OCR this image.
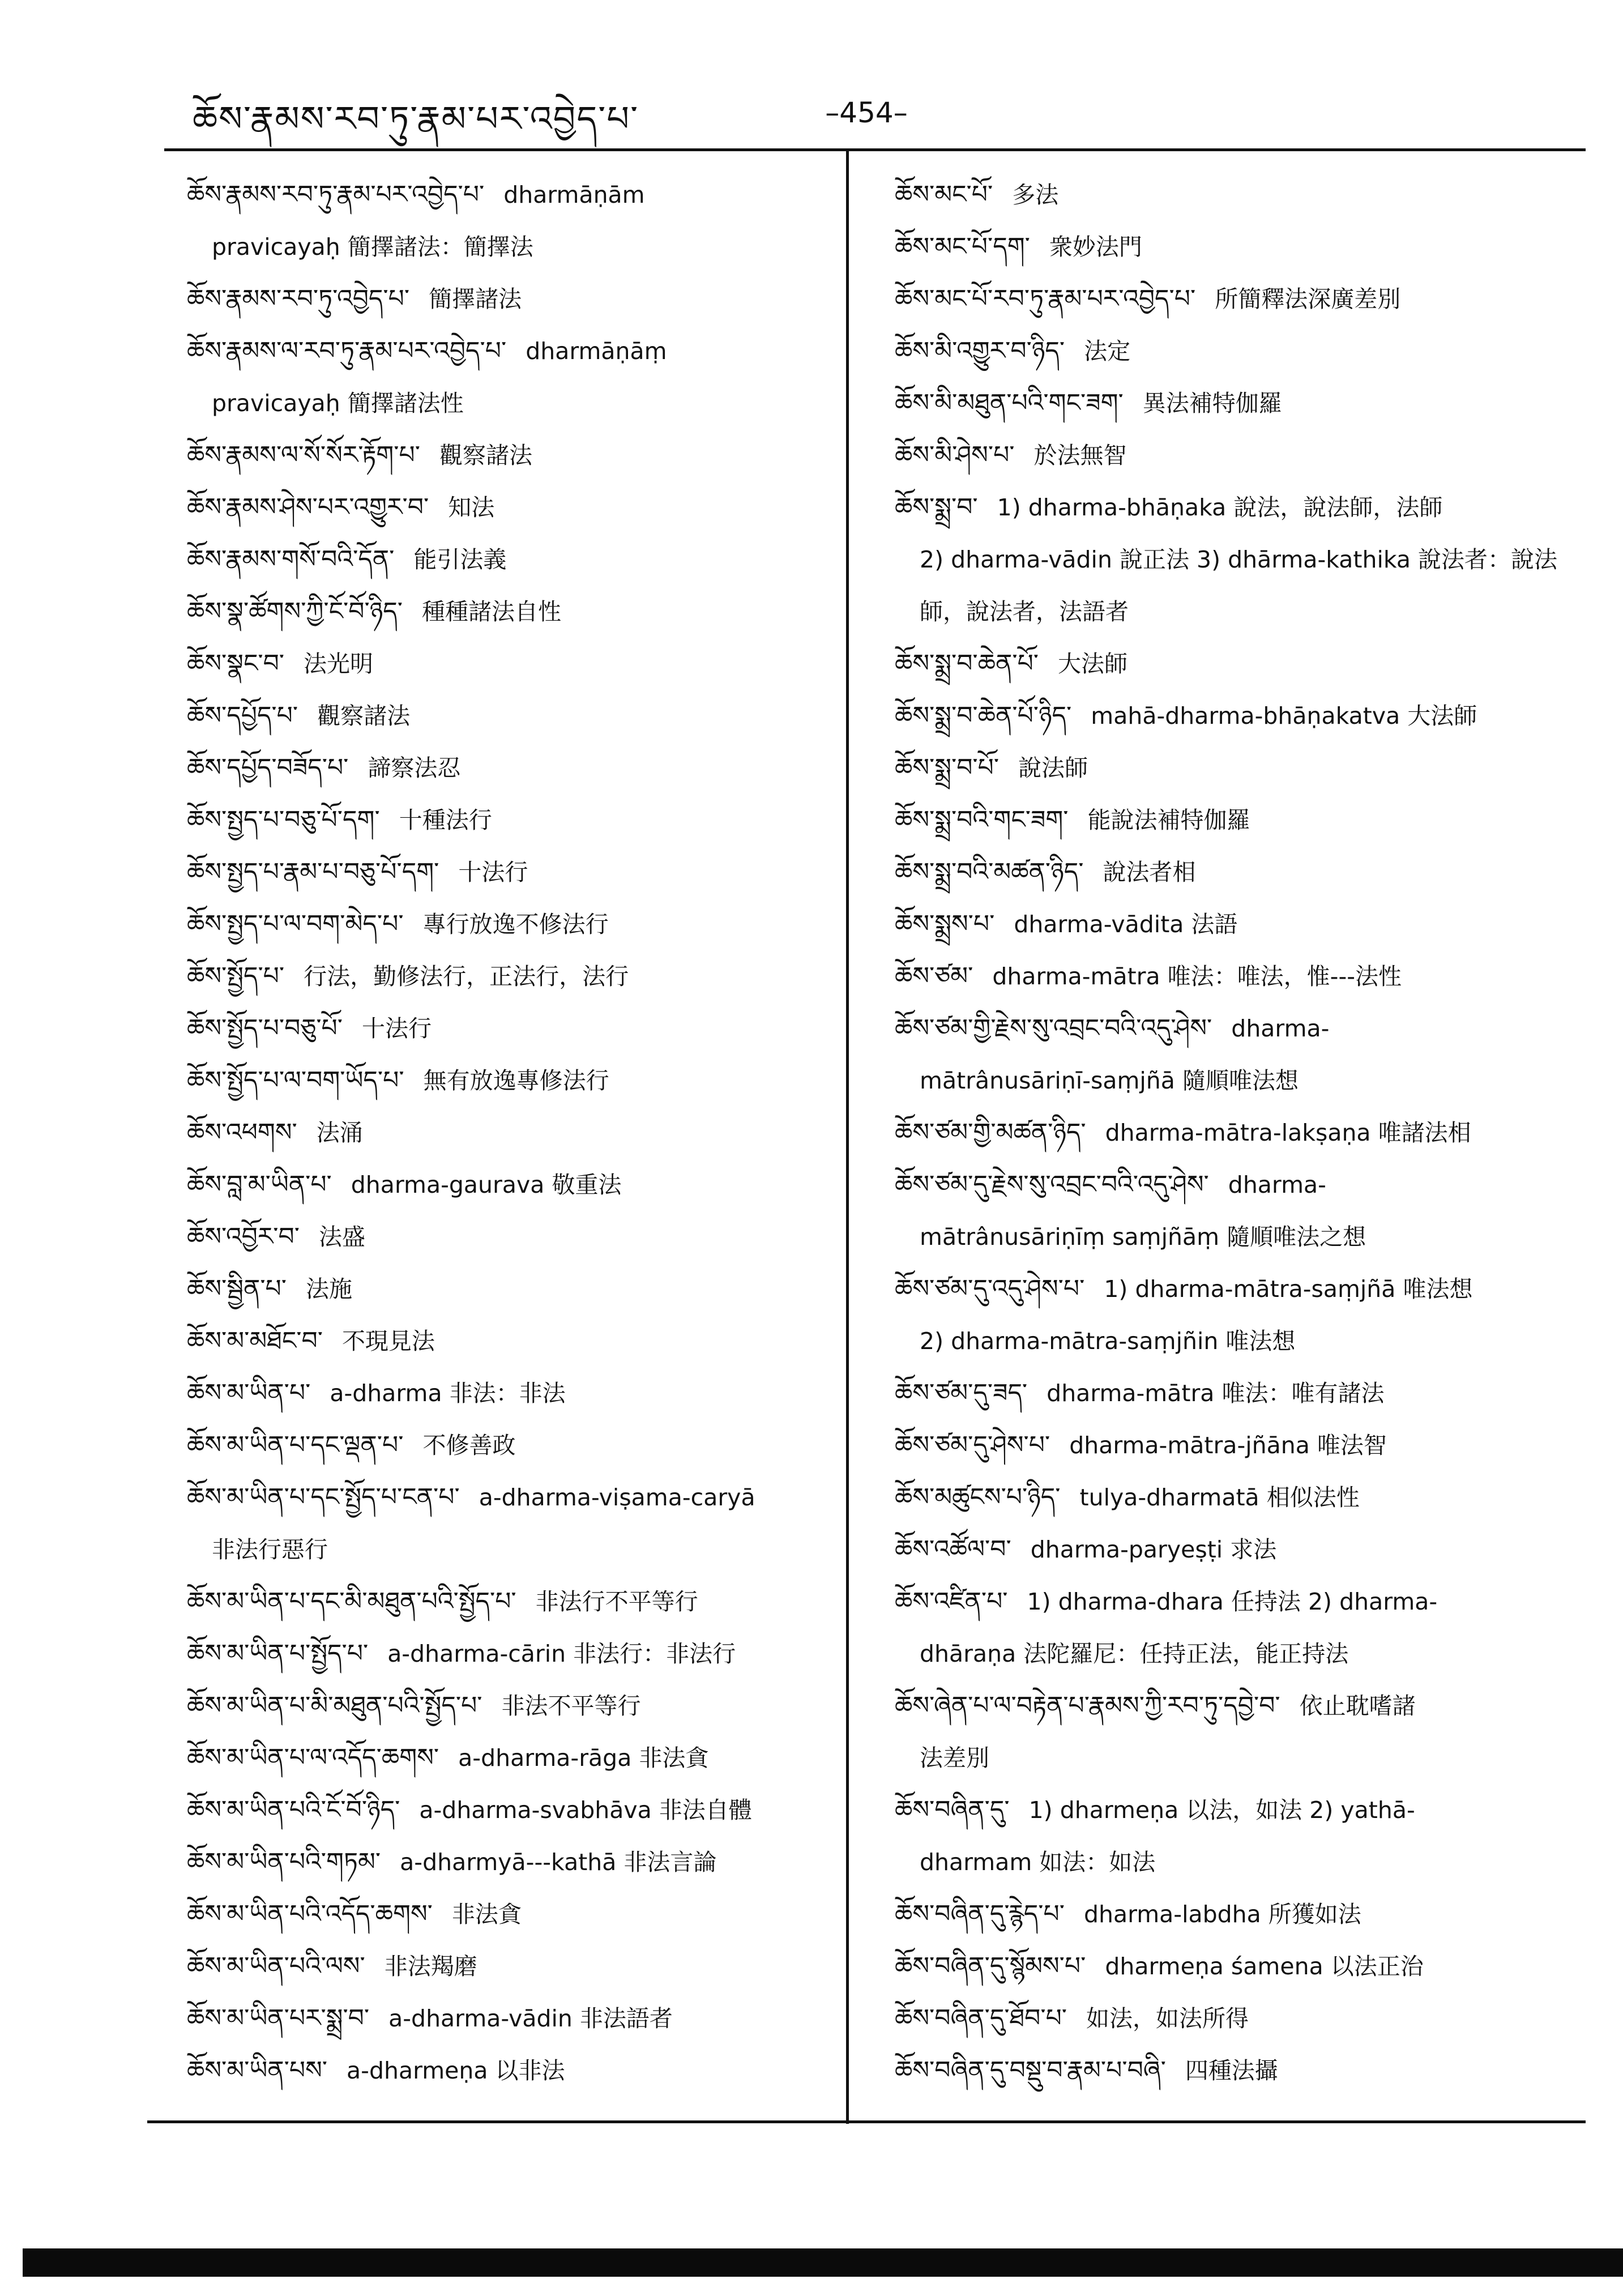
ཆོས་རྣམས་རབ་ཏུ་རྣམ་པར་འབྱེད་པ་	–454–

ཆོས་རྣམས་རབ་ཏུ་རྣམ་པར་འབྱེད་པ་ dharmāṇām
pravicayaḥ 簡擇諸法：簡擇法

ཆོས་རྣམས་རབ་ཏུ་འབྱེད་པ་ 簡擇諸法

ཆོས་རྣམས་ལ་རབ་ཏུ་རྣམ་པར་འབྱེད་པ་ dharmāṇāṃ
pravicayaḥ 簡擇諸法性

ཆོས་རྣམས་ལ་སོ་སོར་རྟོག་པ་ 觀察諸法

ཆོས་རྣམས་ཤེས་པར་འགྱུར་བ་ 知法

ཆོས་རྣམས་གསོ་བའི་དོན་ 能引法義

ཆོས་སྣ་ཚོགས་ཀྱི་ངོ་བོ་ཉིད་ 種種諸法自性

ཆོས་སྣང་བ་ 法光明

ཆོས་དཔྱོད་པ་ 觀察諸法

ཆོས་དཔྱོད་བཟོད་པ་ 諦察法忍

ཆོས་སྤྱད་པ་བཅུ་པོ་དག་ 十種法行

ཆོས་སྤྱད་པ་རྣམ་པ་བཅུ་པོ་དག་ 十法行

ཆོས་སྤྱད་པ་ལ་བག་མེད་པ་ 專行放逸不修法行

ཆོས་སྤྱོད་པ་ 行法，勤修法行，正法行，法行

ཆོས་སྤྱོད་པ་བཅུ་པོ་ 十法行

ཆོས་སྤྱོད་པ་ལ་བག་ཡོད་པ་ 無有放逸專修法行

ཆོས་འཕགས་ 法涌

ཆོས་བླ་མ་ཡིན་པ་ dharma-gaurava 敬重法

ཆོས་འབྱོར་བ་ 法盛

ཆོས་སྦྱིན་པ་ 法施

ཆོས་མ་མཐོང་བ་ 不現見法

ཆོས་མ་ཡིན་པ་ a-dharma 非法：非法

ཆོས་མ་ཡིན་པ་དང་ལྡན་པ་ 不修善政

ཆོས་མ་ཡིན་པ་དང་སྤྱོད་པ་ངན་པ་ a-dharma-viṣama-caryā
非法行惡行

ཆོས་མ་ཡིན་པ་དང་མི་མཐུན་པའི་སྤྱོད་པ་ 非法行不平等行

ཆོས་མ་ཡིན་པ་སྤྱོད་པ་ a-dharma-cārin 非法行：非法行

ཆོས་མ་ཡིན་པ་མི་མཐུན་པའི་སྤྱོད་པ་ 非法不平等行

ཆོས་མ་ཡིན་པ་ལ་འདོད་ཆགས་ a-dharma-rāga 非法貪

ཆོས་མ་ཡིན་པའི་ངོ་བོ་ཉིད་ a-dharma-svabhāva 非法自體

ཆོས་མ་ཡིན་པའི་གཏམ་ a-dharmyā---kathā 非法言論

ཆོས་མ་ཡིན་པའི་འདོད་ཆགས་ 非法貪

ཆོས་མ་ཡིན་པའི་ལས་ 非法羯磨

ཆོས་མ་ཡིན་པར་སྨྲ་བ་ a-dharma-vādin 非法語者

ཆོས་མ་ཡིན་པས་ a-dharmeṇa 以非法

ཆོས་མང་པོ་ 多法

ཆོས་མང་པོ་དག་ 衆妙法門

ཆོས་མང་པོ་རབ་ཏུ་རྣམ་པར་འབྱེད་པ་ 所簡釋法深廣差別

ཆོས་མི་འགྱུར་བ་ཉིད་ 法定

ཆོས་མི་མཐུན་པའི་གང་ཟག་ 異法補特伽羅

ཆོས་མི་ཤེས་པ་ 於法無智

ཆོས་སྨྲ་བ་ 1) dharma-bhāṇaka 說法，說法師，法師
2) dharma-vādin 說正法 3) dhārma-kathika 說法者：說法師，說法者，法語者

ཆོས་སྨྲ་བ་ཆེན་པོ་ 大法師

ཆོས་སྨྲ་བ་ཆེན་པོ་ཉིད་ mahā-dharma-bhāṇakatva 大法師

ཆོས་སྨྲ་བ་པོ་ 說法師

ཆོས་སྨྲ་བའི་གང་ཟག་ 能說法補特伽羅

ཆོས་སྨྲ་བའི་མཚན་ཉིད་ 說法者相

ཆོས་སྨྲས་པ་ dharma-vādita 法語

ཆོས་ཙམ་ dharma-mātra 唯法：唯法，惟---法性

ཆོས་ཙམ་གྱི་རྗེས་སུ་འབྲང་བའི་འདུ་ཤེས་ dharma-
mātrânusāriṇī-saṃjñā 隨順唯法想

ཆོས་ཙམ་གྱི་མཚན་ཉིད་ dharma-mātra-lakṣaṇa 唯諸法相

ཆོས་ཙམ་དུ་རྗེས་སུ་འབྲང་བའི་འདུ་ཤེས་ dharma-
mātrânusāriṇīṃ saṃjñāṃ 隨順唯法之想

ཆོས་ཙམ་དུ་འདུ་ཤེས་པ་ 1) dharma-mātra-saṃjñā 唯法想
2) dharma-mātra-saṃjñin 唯法想

ཆོས་ཙམ་དུ་ཟད་ dharma-mātra 唯法：唯有諸法

ཆོས་ཙམ་དུ་ཤེས་པ་ dharma-mātra-jñāna 唯法智

ཆོས་མཚུངས་པ་ཉིད་ tulya-dharmatā 相似法性

ཆོས་འཚོལ་བ་ dharma-paryeṣṭi 求法

ཆོས་འཛིན་པ་ 1) dharma-dhara 任持法 2) dharma-
dhāraṇa 法陀羅尼：任持正法，能正持法

ཆོས་ཞེན་པ་ལ་བརྟེན་པ་རྣམས་ཀྱི་རབ་ཏུ་དབྱེ་བ་ 依止耽嗜諸
法差別

ཆོས་བཞིན་དུ་ 1) dharmeṇa 以法，如法 2) yathā-
dharmam 如法：如法

ཆོས་བཞིན་དུ་རྙེད་པ་ dharma-labdha 所獲如法

ཆོས་བཞིན་དུ་སྙོམས་པ་ dharmeṇa śamena 以法正治

ཆོས་བཞིན་དུ་ཐོབ་པ་ 如法，如法所得

ཆོས་བཞིན་དུ་བསྡུ་བ་རྣམ་པ་བཞི་ 四種法攝
